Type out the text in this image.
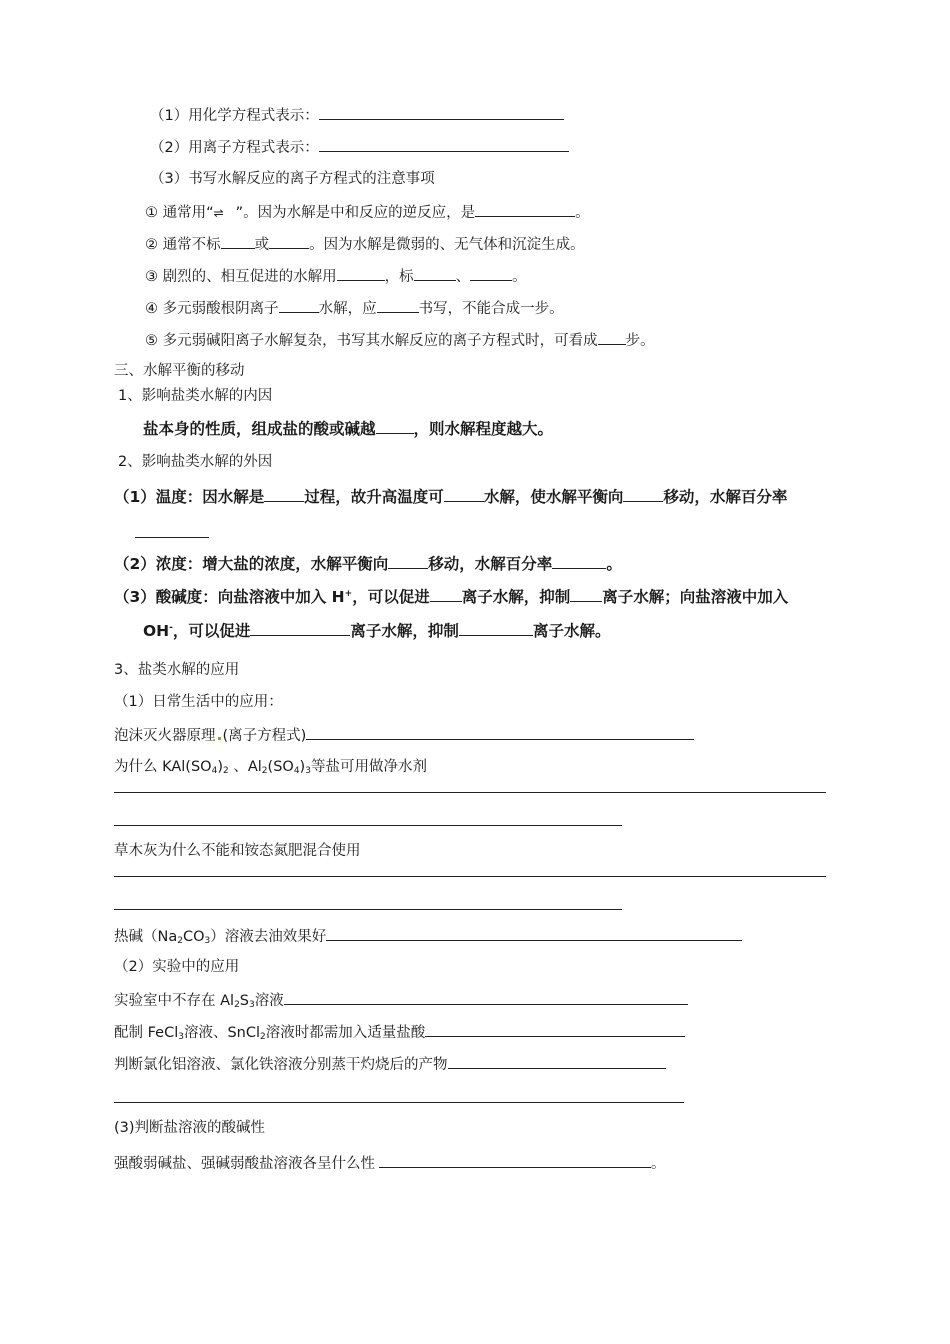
（1）用化学方程式表示：
（2）用离子方程式表示：
（3）书写水解反应的离子方程式的注意事项
① 通常用“⇌ ”。因为水解是中和反应的逆反应，是	。
② 通常不标 或	。因为水解是微弱的、无气体和沉淀生成。
③ 剧烈的、相互促进的水解用	，标	、	。
④ 多元弱酸根阴离子	水解，应	书写，不能合成一步。
⑤ 多元弱碱阳离子水解复杂，书写其水解反应的离子方程式时，可看成 步。
三、水解平衡的移动
1、影响盐类水解的内因
盐本身的性质，组成盐的酸或碱越 ，则水解程度越大。
2、影响盐类水解的外因
（1）温度：因水解是	过程，故升高温度可	水解，使水解平衡向	移动，水解百分率
（2）浓度：增大盐的浓度，水解平衡向	移动，水解百分率	。
（3）酸碱度：向盐溶液中加入 H+，可以促进 离子水解，抑制 离子水解；向盐溶液中加入
OH-，可以促进	离子水解，抑制	离子水解。
3、盐类水解的应用
（1）日常生活中的应用：
泡沫灭火器原理 (离子方程式)
为什么 $KAl(SO_4)_2$ 、$Al_2(SO_4)_3$等盐可用做净水剂
草木灰为什么不能和铵态氮肥混合使用
热碱$(Na_2CO_3)$溶液去油效果好
（2）实验中的应用
实验室中不存在 $Al_2S_3$溶液
配制 FeCl$_3$溶液、SnCl$_2$溶液时都需加入适量盐酸
判断氯化铝溶液、氯化铁溶液分别蒸干灼烧后的产物
(3)判断盐溶液的酸碱性
强酸弱碱盐、强碱弱酸盐溶液各呈什么性	。
